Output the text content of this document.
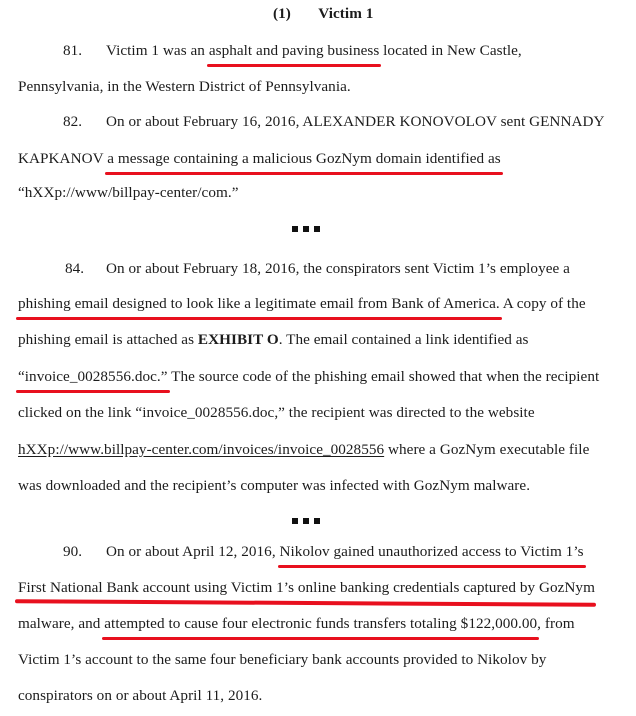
(1) Victim 1
81. Victim 1 was an asphalt and paving business located in New Castle,
Pennsylvania, in the Western District of Pennsylvania.
82. On or about February 16, 2016, ALEXANDER KONOVOLOV sent GENNADY
KAPKANOV a message containing a malicious GozNym domain identified as
“hXXp://www/billpay-center/com.”
84. On or about February 18, 2016, the conspirators sent Victim 1’s employee a
phishing email designed to look like a legitimate email from Bank of America. A copy of the
phishing email is attached as EXHIBIT O. The email contained a link identified as
“invoice_0028556.doc.” The source code of the phishing email showed that when the recipient
clicked on the link “invoice_0028556.doc,” the recipient was directed to the website
hXXp://www.billpay-center.com/invoices/invoice_0028556 where a GozNym executable file
was downloaded and the recipient’s computer was infected with GozNym malware.
90. On or about April 12, 2016, Nikolov gained unauthorized access to Victim 1’s
First National Bank account using Victim 1’s online banking credentials captured by GozNym
malware, and attempted to cause four electronic funds transfers totaling $122,000.00, from
Victim 1’s account to the same four beneficiary bank accounts provided to Nikolov by
conspirators on or about April 11, 2016.
